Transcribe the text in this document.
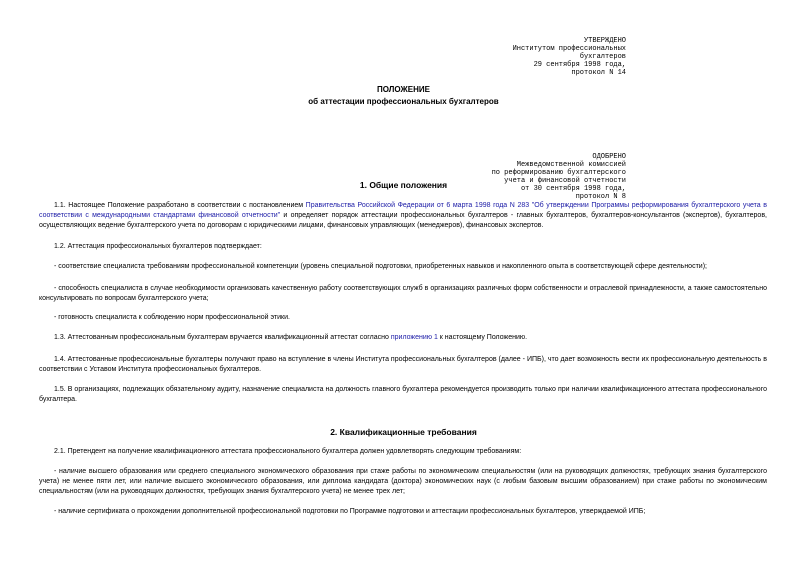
УТВЕРЖДЕНО
Институтом профессиональных
бухгалтеров
29 сентября 1998 года,
протокол N 14
ПОЛОЖЕНИЕ
об аттестации профессиональных бухгалтеров
ОДОБРЕНО
Межведомственной комиссией
по реформированию бухгалтерского
учета и финансовой отчетности
от 30 сентября 1998 года,
протокол N 8
1. Общие положения

1.1. Настоящее Положение разработано в соответствии с постановлением Правительства Российской Федерации от 6 марта 1998 года N 283 "Об утверждении Программы реформирования бухгалтерского учета в соответствии с международными стандартами финансовой отчетности" и определяет порядок аттестации профессиональных бухгалтеров - главных бухгалтеров, бухгалтеров-консультантов (экспертов), бухгалтеров, осуществляющих ведение бухгалтерского учета по договорам с юридическими лицами, финансовых управляющих (менеджеров), финансовых экспертов.

1.2. Аттестация профессиональных бухгалтеров подтверждает:

- соответствие специалиста требованиям профессиональной компетенции (уровень специальной подготовки, приобретенных навыков и накопленного опыта в соответствующей сфере деятельности);

- способность специалиста в случае необходимости организовать качественную работу соответствующих служб в организациях различных форм собственности и отраслевой принадлежности, а также самостоятельно консультировать по вопросам бухгалтерского учета;

- готовность специалиста к соблюдению норм профессиональной этики.

1.3. Аттестованным профессиональным бухгалтерам вручается квалификационный аттестат согласно приложению 1 к настоящему Положению.

1.4. Аттестованные профессиональные бухгалтеры получают право на вступление в члены Института профессиональных бухгалтеров (далее - ИПБ), что дает возможность вести их профессиональную деятельность в соответствии с Уставом Института профессиональных бухгалтеров.

1.5. В организациях, подлежащих обязательному аудиту, назначение специалиста на должность главного бухгалтера рекомендуется производить только при наличии квалификационного аттестата профессионального бухгалтера.

2. Квалификационные требования

2.1. Претендент на получение квалификационного аттестата профессионального бухгалтера должен удовлетворять следующим требованиям:

- наличие высшего образования или среднего специального экономического образования при стаже работы по экономическим специальностям (или на руководящих должностях, требующих знания бухгалтерского учета) не менее пяти лет, или наличие высшего экономического образования, или диплома кандидата (доктора) экономических наук (с любым базовым высшим образованием) при стаже работы по экономическим специальностям (или на руководящих должностях, требующих знания бухгалтерского учета) не менее трех лет;

- наличие сертификата о прохождении дополнительной профессиональной подготовки по Программе подготовки и аттестации профессиональных бухгалтеров, утверждаемой ИПБ;
